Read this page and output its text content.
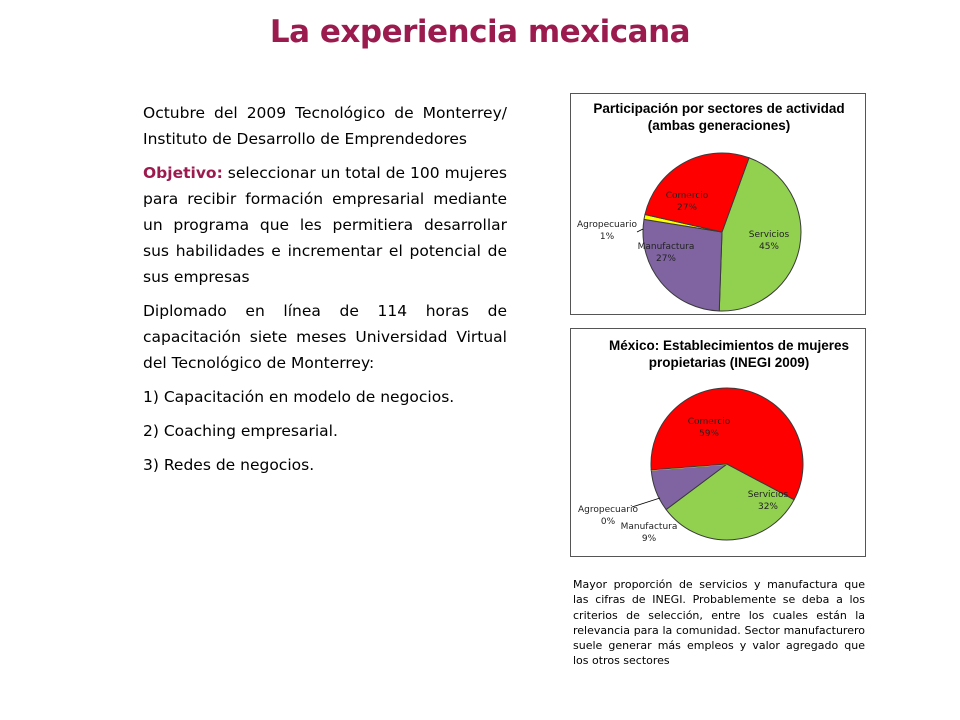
La experiencia mexicana

Octubre del 2009 Tecnológico de Monterrey/ Instituto de Desarrollo de Emprendedores

Objetivo: seleccionar un total de 100 mujeres para recibir formación empresarial mediante un programa que les permitiera desarrollar sus habilidades e incrementar el potencial de sus empresas

Diplomado en línea de 114 horas de capacitación siete meses Universidad Virtual del Tecnológico de Monterrey:

1) Capacitación en modelo de negocios.
2) Coaching empresarial.
3) Redes de negocios.
Participación por sectores de actividad
(ambas generaciones)
Servicios
45%
Manufactura
27%
Agropecuario
1%
Comercio
27%
México: Establecimientos de mujeres
propietarias (INEGI 2009)
Servicios
32%
Manufactura
9%
Agropecuario
0%
Comercio
59%
Mayor proporción de servicios y manufactura que las cifras de INEGI. Probablemente se deba a los criterios de selección, entre los cuales están la relevancia para la comunidad. Sector manufacturero suele generar más empleos y valor agregado que los otros sectores
